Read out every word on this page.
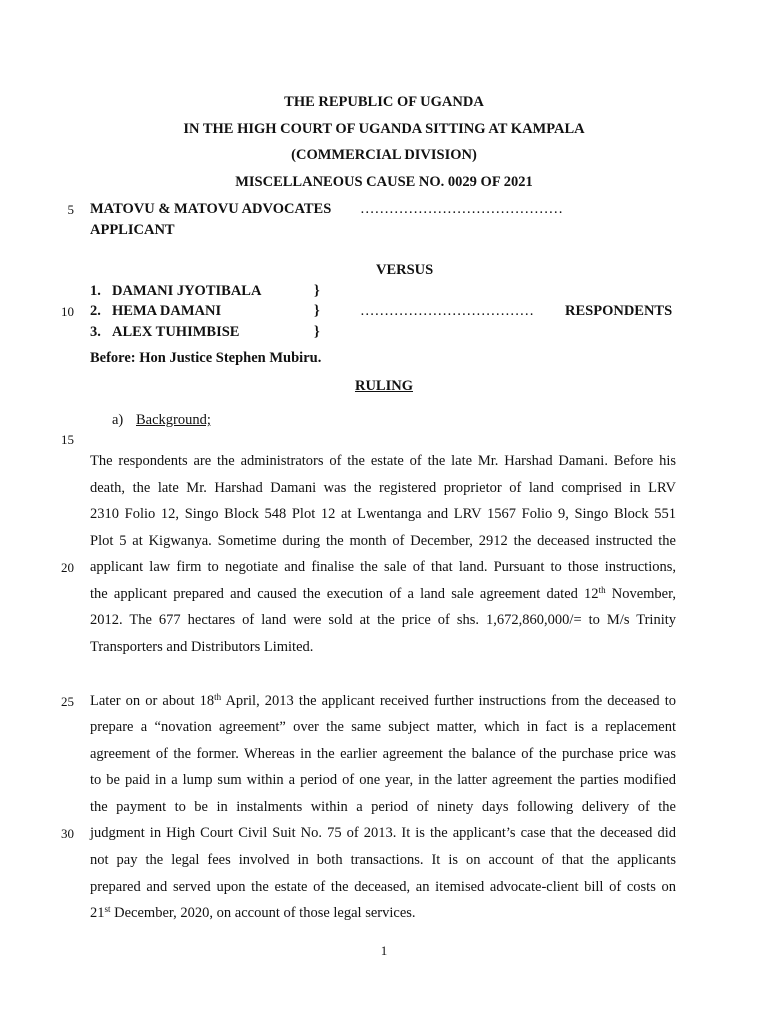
THE REPUBLIC OF UGANDA
IN THE HIGH COURT OF UGANDA SITTING AT KAMPALA
(COMMERCIAL DIVISION)
MISCELLANEOUS CAUSE NO. 0029 OF 2021
5 MATOVU & MATOVU ADVOCATES ……………………………………
APPLICANT
VERSUS
1. DAMANI JYOTIBALA	}
10 2. HEMA DAMANI	}	……………………………… RESPONDENTS
3. ALEX TUHIMBISE	}
Before: Hon Justice Stephen Mubiru.
RULING
a) Background;
15
The respondents are the administrators of the estate of the late Mr. Harshad Damani. Before his
death, the late Mr. Harshad Damani was the registered proprietor of land comprised in LRV
2310 Folio 12, Singo Block 548 Plot 12 at Lwentanga and LRV 1567 Folio 9, Singo Block 551
Plot 5 at Kigwanya. Sometime during the month of December, 2912 the deceased instructed the
20 applicant law firm to negotiate and finalise the sale of that land. Pursuant to those instructions,
the applicant prepared and caused the execution of a land sale agreement dated 12th November,
2012. The 677 hectares of land were sold at the price of shs. 1,672,860,000/= to M/s Trinity
Transporters and Distributors Limited.
25 Later on or about 18th April, 2013 the applicant received further instructions from the deceased to
prepare a “novation agreement” over the same subject matter, which in fact is a replacement
agreement of the former. Whereas in the earlier agreement the balance of the purchase price was
to be paid in a lump sum within a period of one year, in the latter agreement the parties modified
the payment to be in instalments within a period of ninety days following delivery of the
30 judgment in High Court Civil Suit No. 75 of 2013. It is the applicant’s case that the deceased did
not pay the legal fees involved in both transactions. It is on account of that the applicants
prepared and served upon the estate of the deceased, an itemised advocate-client bill of costs on
21st December, 2020, on account of those legal services.
1
